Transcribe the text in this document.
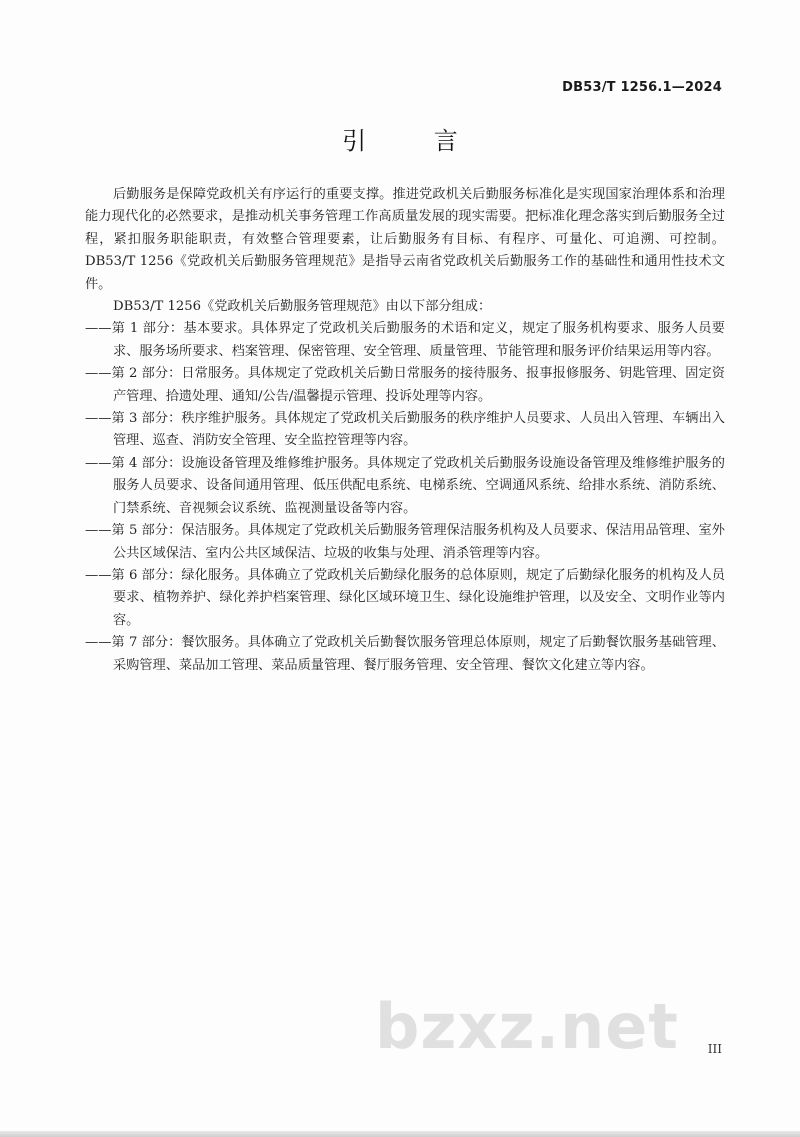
DB53/T 1256.1—2024
引 言

后勤服务是保障党政机关有序运行的重要支撑。推进党政机关后勤服务标准化是实现国家治理体系和治理能力现代化的必然要求，是推动机关事务管理工作高质量发展的现实需要。把标准化理念落实到后勤服务全过程，紧扣服务职能职责，有效整合管理要素，让后勤服务有目标、有程序、可量化、可追溯、可控制。DB53/T 1256《党政机关后勤服务管理规范》是指导云南省党政机关后勤服务工作的基础性和通用性技术文件。

DB53/T 1256《党政机关后勤服务管理规范》由以下部分组成：

——第 1 部分：基本要求。具体界定了党政机关后勤服务的术语和定义，规定了服务机构要求、服务人员要求、服务场所要求、档案管理、保密管理、安全管理、质量管理、节能管理和服务评价结果运用等内容。

——第 2 部分：日常服务。具体规定了党政机关后勤日常服务的接待服务、报事报修服务、钥匙管理、固定资产管理、拾遗处理、通知/公告/温馨提示管理、投诉处理等内容。

——第 3 部分：秩序维护服务。具体规定了党政机关后勤服务的秩序维护人员要求、人员出入管理、车辆出入管理、巡查、消防安全管理、安全监控管理等内容。

——第 4 部分：设施设备管理及维修维护服务。具体规定了党政机关后勤服务设施设备管理及维修维护服务的服务人员要求、设备间通用管理、低压供配电系统、电梯系统、空调通风系统、给排水系统、消防系统、门禁系统、音视频会议系统、监视测量设备等内容。

——第 5 部分：保洁服务。具体规定了党政机关后勤服务管理保洁服务机构及人员要求、保洁用品管理、室外公共区域保洁、室内公共区域保洁、垃圾的收集与处理、消杀管理等内容。

——第 6 部分：绿化服务。具体确立了党政机关后勤绿化服务的总体原则，规定了后勤绿化服务的机构及人员要求、植物养护、绿化养护档案管理、绿化区域环境卫生、绿化设施维护管理，以及安全、文明作业等内容。

——第 7 部分：餐饮服务。具体确立了党政机关后勤餐饮服务管理总体原则，规定了后勤餐饮服务基础管理、采购管理、菜品加工管理、菜品质量管理、餐厅服务管理、安全管理、餐饮文化建立等内容。

bzxz.net III
